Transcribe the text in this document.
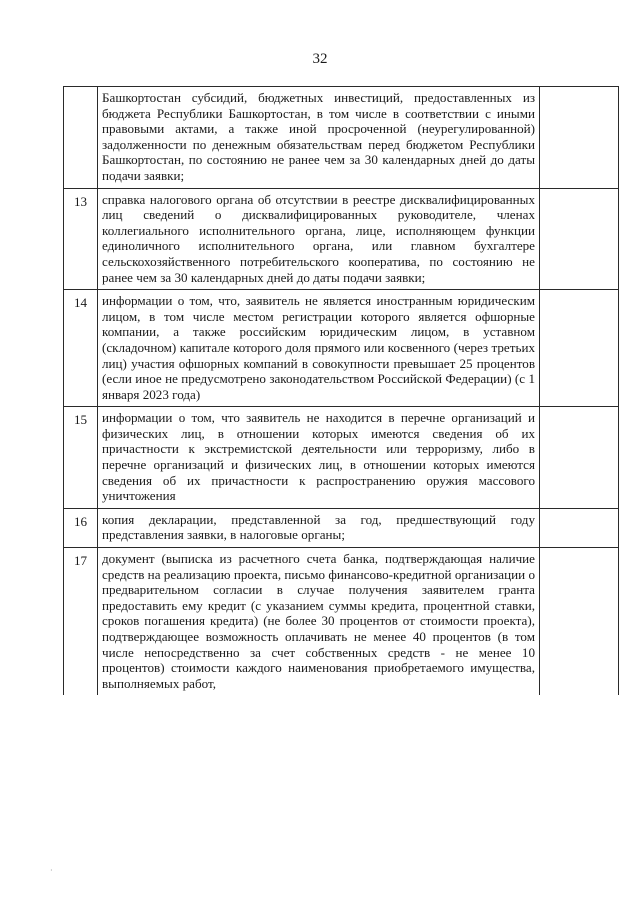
32
	Башкортостан субсидий, бюджетных инвестиций, предоставленных из бюджета Республики Башкортостан, в том числе в соответствии с иными правовыми актами, а также иной просроченной (неурегулированной) задолженности по денежным обязательствам перед бюджетом Республики Башкортостан, по состоянию не ранее чем за 30 календарных дней до даты подачи заявки;	
13	справка налогового органа об отсутствии в реестре дисквалифицированных лиц сведений о дисквалифицированных руководителе, членах коллегиального исполнительного органа, лице, исполняющем функции единоличного исполнительного органа, или главном бухгалтере сельскохозяйственного потребительского кооператива, по состоянию не ранее чем за 30 календарных дней до даты подачи заявки;	
14	информации о том, что, заявитель не является иностранным юридическим лицом, в том числе местом регистрации которого является офшорные компании, а также российским юридическим лицом, в уставном (складочном) капитале которого доля прямого или косвенного (через третьих лиц) участия офшорных компаний в совокупности превышает 25 процентов (если иное не предусмотрено законодательством Российской Федерации) (с 1 января 2023 года)	
15	информации о том, что заявитель не находится в перечне организаций и физических лиц, в отношении которых имеются сведения об их причастности к экстремистской деятельности или терроризму, либо в перечне организаций и физических лиц, в отношении которых имеются сведения об их причастности к распространению оружия массового уничтожения	
16	копия декларации, представленной за год, предшествующий году представления заявки, в налоговые органы;	
17	документ (выписка из расчетного счета банка, подтверждающая наличие средств на реализацию проекта, письмо финансово-кредитной организации о предварительном согласии в случае получения заявителем гранта предоставить ему кредит (с указанием суммы кредита, процентной ставки, сроков погашения кредита) (не более 30 процентов от стоимости проекта), подтверждающее возможность оплачивать не менее 40 процентов (в том числе непосредственно за счет собственных средств - не менее 10 процентов) стоимости каждого наименования приобретаемого имущества, выполняемых работ,	
·
